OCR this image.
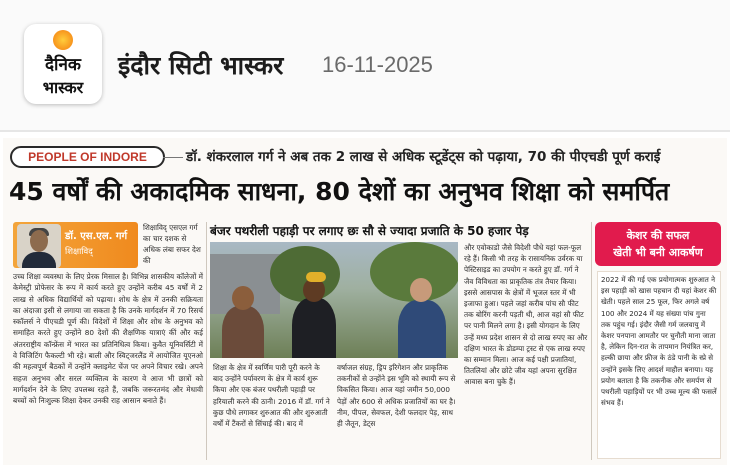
दैनिक
भास्कर
इंदौर सिटी भास्कर 16-11-2025
PEOPLE OF INDORE	डॉ. शंकरलाल गर्ग ने अब तक 2 लाख से अधिक स्टूडेंट्स को पढ़ाया, 70 की पीएचडी पूर्ण कराई
45 वर्षों की अकादमिक साधना, 80 देशों का अनुभव शिक्षा को समर्पित
डॉ. एस.एल. गर्ग
शिक्षाविद्
शिक्षाविद् एसएल गर्ग का चार दशक से अधिक लंबा सफर देश की
उच्च शिक्षा व्यवस्था के लिए प्रेरक मिसाल है। विभिन्न शासकीय कॉलेजों में केमेस्ट्री प्रोफेसर के रूप में कार्य करते हुए उन्होंने करीब 45 वर्षों में 2 लाख से अधिक विद्यार्थियों को पढ़ाया। शोध के क्षेत्र में उनकी सक्रियता का अंदाजा इसी से लगाया जा सकता है कि उनके मार्गदर्शन में 70 रिसर्च स्कॉलर्स ने पीएचडी पूर्ण की। विदेशों में शिक्षा और शोध के अनुभव को समाहित करते हुए उन्होंने 80 देशों की शैक्षणिक यात्राएं कीं और कई अंतरराष्ट्रीय कॉन्फ्रेंस में भारत का प्रतिनिधित्व किया। कुवैत यूनिवर्सिटी में वे विजिटिंग फैकल्टी भी रहे। बाली और स्विट्जरलैंड में आयोजित यूएनओ की महत्वपूर्ण बैठकों में उन्होंने क्लाइमेट चेंज पर अपने विचार रखे। अपने सहज अनुभव और सरल व्यक्तित्व के कारण वे आज भी छात्रों को मार्गदर्शन देने के लिए उपलब्ध रहते हैं, जबकि जरूरतमंद और मेधावी बच्चों को निःशुल्क शिक्षा देकर उनकी राह आसान बनाते हैं।
बंजर पथरीली पहाड़ी पर लगाए छः सौ से ज्यादा प्रजाति के 50 हजार पेड़
शिक्षा के क्षेत्र में स्वर्णिम पारी पूरी करने के बाद उन्होंने पर्यावरण के क्षेत्र में कार्य शुरू किया और एक बंजर पथरीली पहाड़ी पर हरियाली करने की ठानी। 2016 में डॉ. गर्ग ने कुछ पौधे लगाकर शुरुआत की और शुरुआती वर्षों में टैंकरों से सिंचाई की। बाद में
वर्षाजल संग्रह, ड्रिप इरिगेशन और प्राकृतिक तकनीकों से उन्होंने इस भूमि को स्थायी रूप से विकसित किया। आज यहां जमीन 50,000 पेड़ों और 600 से अधिक प्रजातियों का घर है। नीम, पीपल, सेवफल, देशी फलदार पेड़, साथ ही जैतून, डेट्स
और एवोकाडो जैसे विदेशी पौधे यहां फल-फूल रहे हैं। किसी भी तरह के रासायनिक उर्वरक या पेस्टिसाइड का उपयोग न करते हुए डॉ. गर्ग ने जैव विविधता का प्राकृतिक तंत्र तैयार किया। इससे आसपास के क्षेत्रों में भूजल स्तर में भी इजाफा हुआ। पहले जहां करीब पांच सौ फीट तक बोरिंग करनी पड़ती थी, आज वहां सौ फीट पर पानी मिलने लगा है। इसी योगदान के लिए उन्हें मध्य प्रदेश शासन से दो लाख रुपए का और दक्षिण भारत के डोडम्पा ट्रस्ट से एक लाख रुपए का सम्मान मिला। आज कई पक्षी प्रजातियां, तितलियां और छोटे जीव यहां अपना सुरक्षित आवास बना चुके हैं।
केशर की सफल
खेती भी बनी आकर्षण
2022 में की गई एक प्रयोगात्मक शुरुआत ने इस पहाड़ी को खास पहचान दी यहां केशर की खेती। पहले साल 25 फूल, फिर अगले वर्ष 100 और 2024 में यह संख्या पांच गुना तक पहुंच गई। इंदौर जैसी गर्म जलवायु में केशर पनपाना आमतौर पर चुनौती माना जाता है, लेकिन दिन-रात के तापमान नियंत्रित कर, हल्की छाया और फ्रीज के ठंडे पानी के स्प्रे से उन्होंने इसके लिए आदर्श माहौल बनाया। यह प्रयोग बताता है कि तकनीक और समर्पण से पथरीली पहाड़ियों पर भी उच्च मूल्य की फसलें संभव हैं।
